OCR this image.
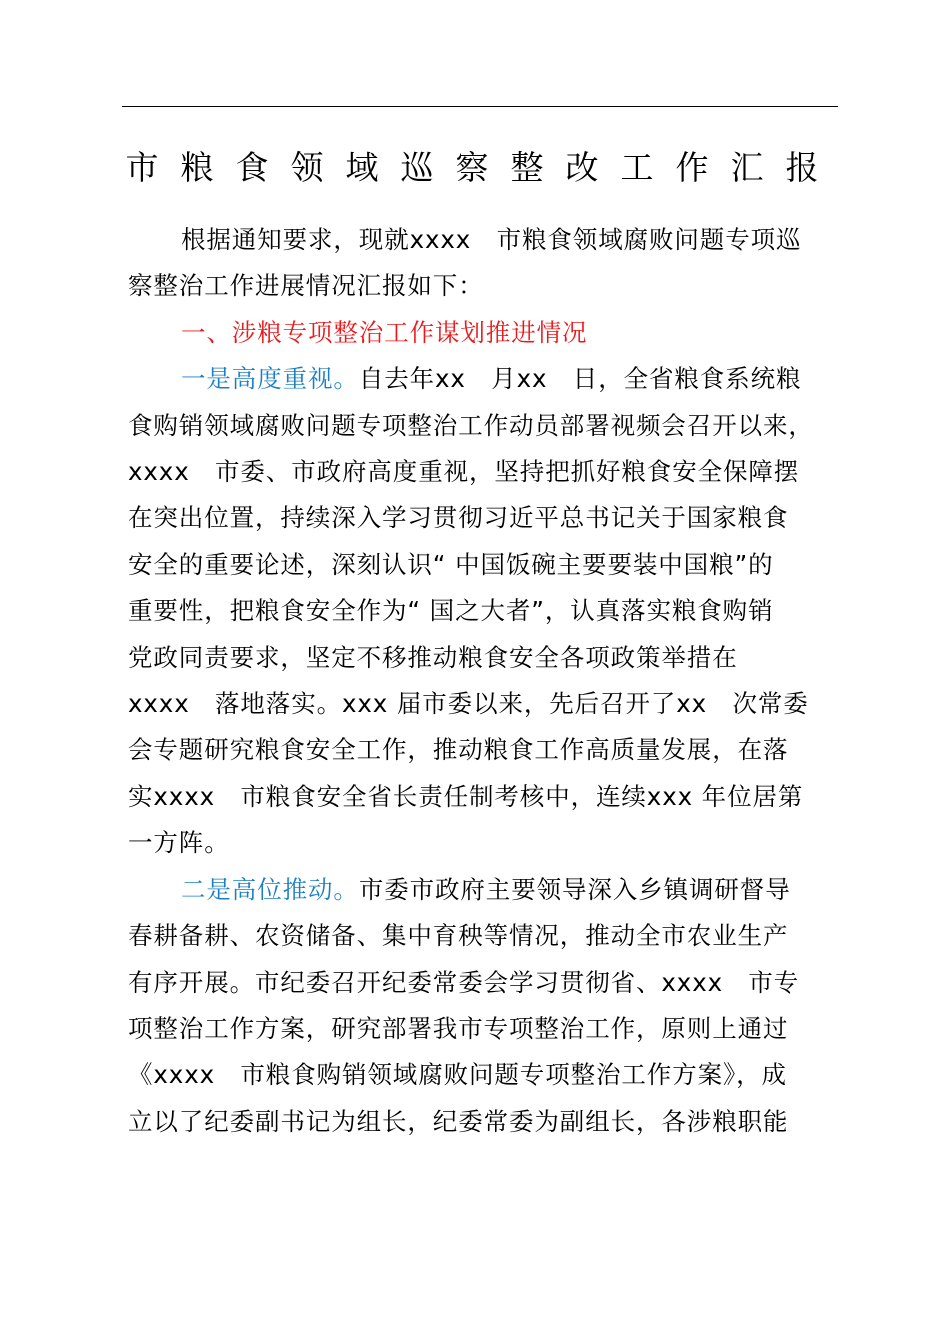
市粮食领域巡察整改工作汇报
根据通知要求，现就xxxx　市粮食领域腐败问题专项巡
察整治工作进展情况汇报如下：
一、涉粮专项整治工作谋划推进情况
一是高度重视。自去年xx　月xx　日，全省粮食系统粮
食购销领域腐败问题专项整治工作动员部署视频会召开以来，
xxxx　市委、市政府高度重视，坚持把抓好粮食安全保障摆
在突出位置，持续深入学习贯彻习近平总书记关于国家粮食
安全的重要论述，深刻认识“ 中国饭碗主要要装中国粮”的
重要性，把粮食安全作为“ 国之大者”，认真落实粮食购销
党政同责要求，坚定不移推动粮食安全各项政策举措在
xxxx　落地落实。xxx 届市委以来，先后召开了xx　次常委
会专题研究粮食安全工作，推动粮食工作高质量发展，在落
实xxxx　市粮食安全省长责任制考核中，连续xxx 年位居第
一方阵。
二是高位推动。市委市政府主要领导深入乡镇调研督导
春耕备耕、农资储备、集中育秧等情况，推动全市农业生产
有序开展。市纪委召开纪委常委会学习贯彻省、xxxx　市专
项整治工作方案，研究部署我市专项整治工作，原则上通过
《xxxx　市粮食购销领域腐败问题专项整治工作方案》，成
立以了纪委副书记为组长，纪委常委为副组长，各涉粮职能
